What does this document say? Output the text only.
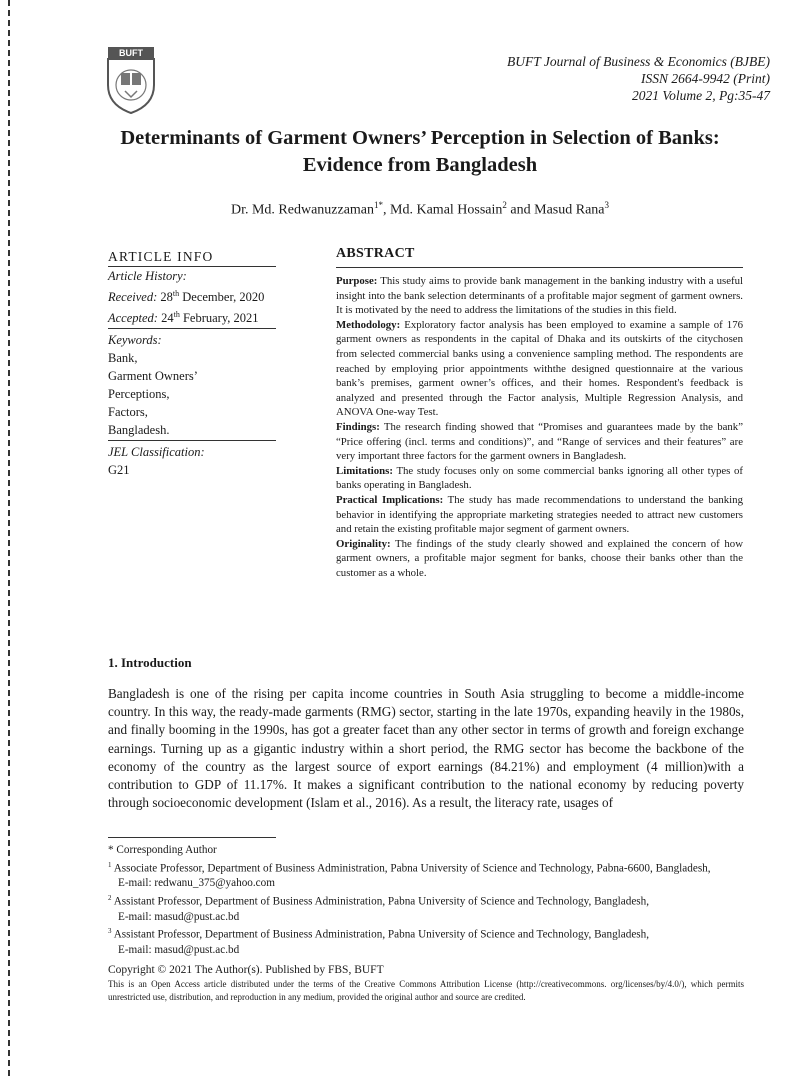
BUFT
BUFT Journal of Business & Economics (BJBE)
ISSN 2664-9942 (Print)
2021 Volume 2, Pg:35-47
Determinants of Garment Owners’ Perception in Selection of Banks:
Evidence from Bangladesh
Dr. Md. Redwanuzzaman$^{1*}$, Md. Kamal Hossain$^2$ and Masud Rana$^3$
ARTICLE INFO
Article History:
Received: 28th December, 2020
Accepted: 24th February, 2021
Keywords:
Bank,
Garment Owners’
Perceptions,
Factors,
Bangladesh.
JEL Classification:
G21
ABSTRACT

Purpose: This study aims to provide bank management in the banking industry with a useful insight into the bank selection determinants of a profitable major segment of garment owners. It is motivated by the need to address the limitations of the studies in this field.

Methodology: Exploratory factor analysis has been employed to examine a sample of 176 garment owners as respondents in the capital of Dhaka and its outskirts of the citychosen from selected commercial banks using a convenience sampling method. The respondents are reached by employing prior appointments withthe designed questionnaire at the various bank’s premises, garment owner’s offices, and their homes. Respondent's feedback is analyzed and presented through the Factor analysis, Multiple Regression Analysis, and ANOVA One-way Test.

Findings: The research finding showed that “Promises and guarantees made by the bank” “Price offering (incl. terms and conditions)”, and “Range of services and their features” are very important three factors for the garment owners in Bangladesh.

Limitations: The study focuses only on some commercial banks ignoring all other types of banks operating in Bangladesh.

Practical Implications: The study has made recommendations to understand the banking behavior in identifying the appropriate marketing strategies needed to attract new customers and retain the existing profitable major segment of garment owners.

Originality: The findings of the study clearly showed and explained the concern of how garment owners, a profitable major segment for banks, choose their banks other than the customer as a whole.

1. Introduction

Bangladesh is one of the rising per capita income countries in South Asia struggling to become a middle-income country. In this way, the ready-made garments (RMG) sector, starting in the late 1970s, expanding heavily in the 1980s, and finally booming in the 1990s, has got a greater facet than any other sector in terms of growth and foreign exchange earnings. Turning up as a gigantic industry within a short period, the RMG sector has become the backbone of the economy of the country as the largest source of export earnings (84.21%) and employment (4 million)with a contribution to GDP of 11.17%. It makes a significant contribution to the national economy by reducing poverty through socioeconomic development (Islam et al., 2016). As a result, the literacy rate, usages of

* Corresponding Author
$^1$ Associate Professor, Department of Business Administration, Pabna University of Science and Technology, Pabna-6600, Bangladesh,
E-mail: redwanu_375@yahoo.com
$^2$ Assistant Professor, Department of Business Administration, Pabna University of Science and Technology, Bangladesh,
E-mail: masud@pust.ac.bd
$^3$ Assistant Professor, Department of Business Administration, Pabna University of Science and Technology, Bangladesh,
E-mail: masud@pust.ac.bd
Copyright © 2021 The Author(s). Published by FBS, BUFT
This is an Open Access article distributed under the terms of the Creative Commons Attribution License (http://creativecommons. org/licenses/by/4.0/), which permits unrestricted use, distribution, and reproduction in any medium, provided the original author and source are credited.
